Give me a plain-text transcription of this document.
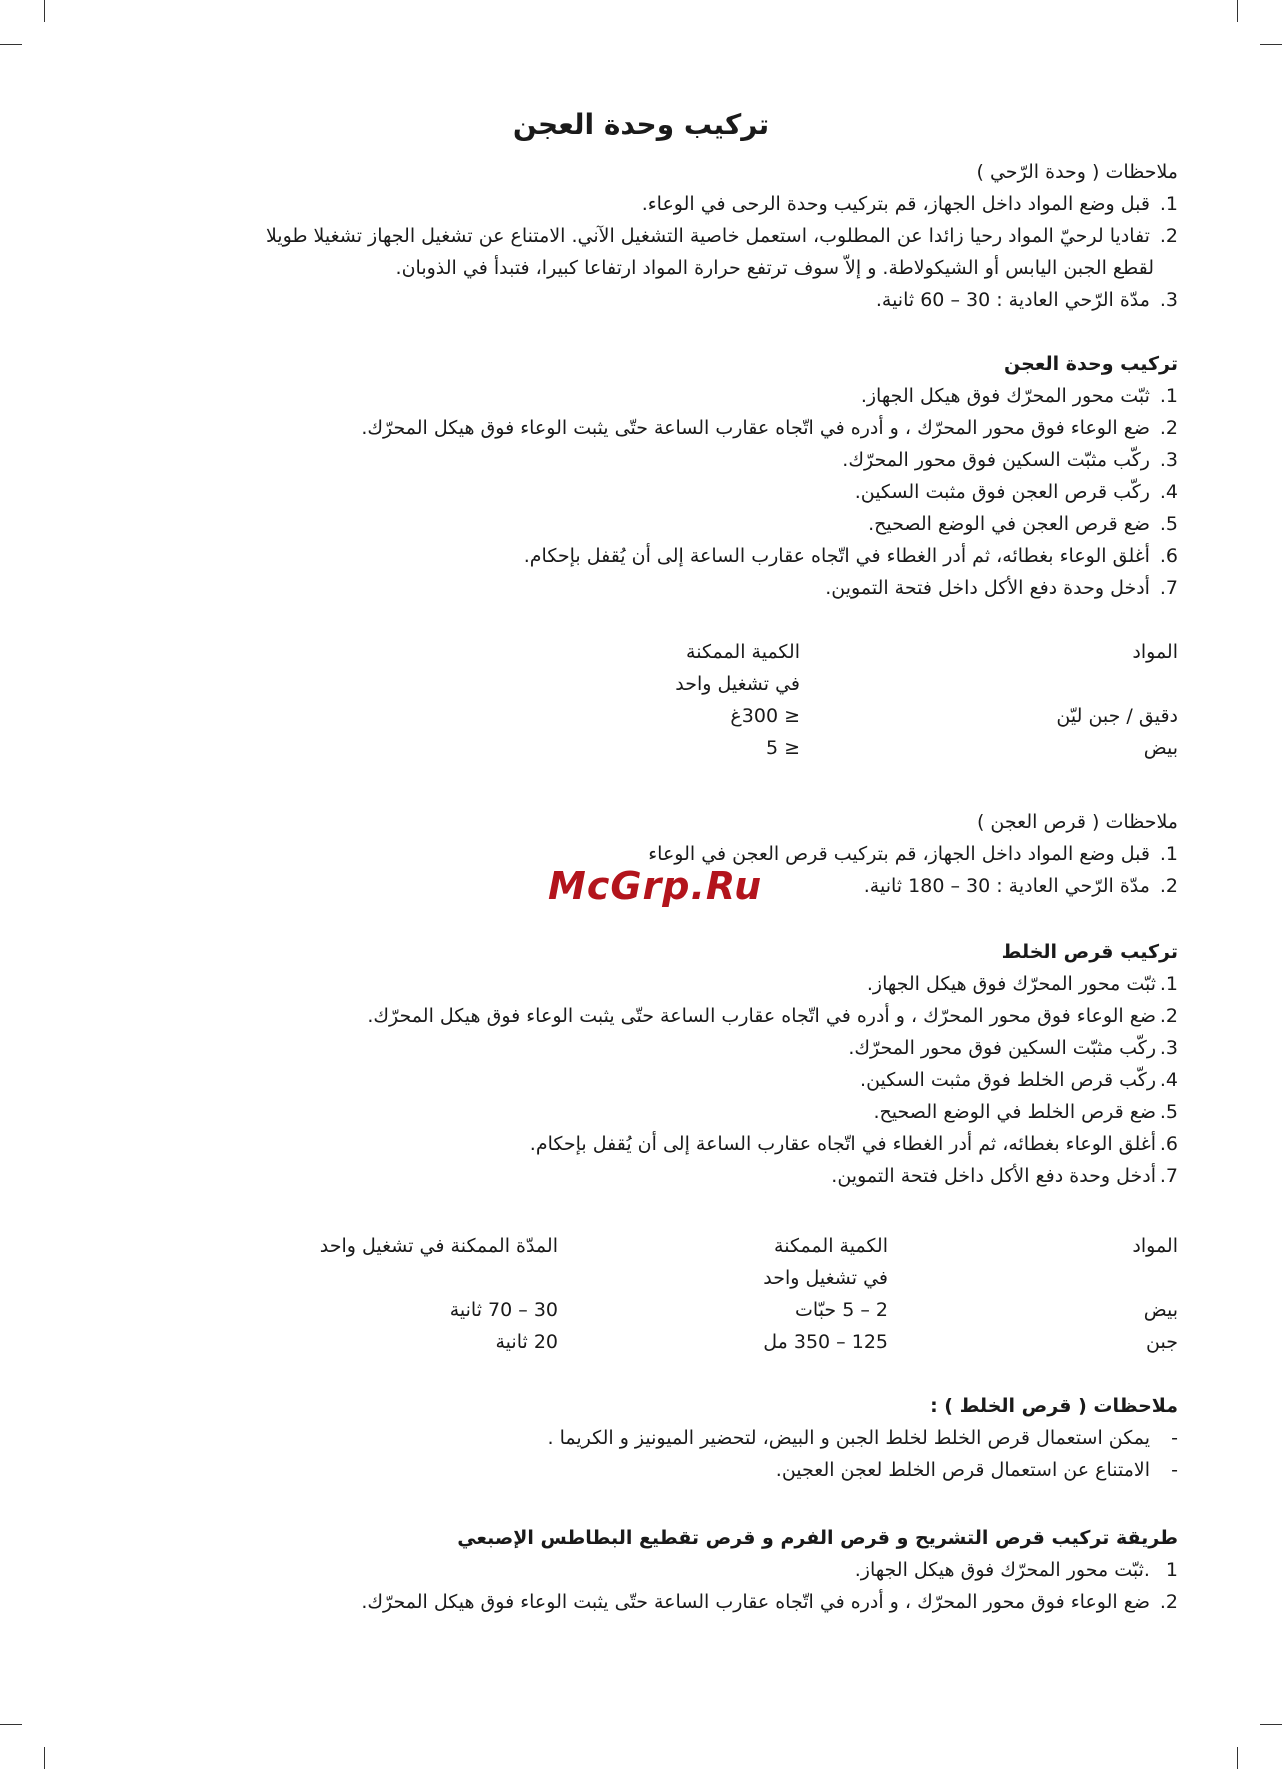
تركيب وحدة العجن
ملاحظات ( وحدة الرّحي )
1. قبل وضع المواد داخل الجهاز، قم بتركيب وحدة الرحى في الوعاء.
2. تفاديا لرحيّ المواد رحيا زائدا عن المطلوب، استعمل خاصية التشغيل الآني. الامتناع عن تشغيل الجهاز تشغيلا طويلا
لقطع الجبن اليابس أو الشيكولاطة. و إلاّ سوف ترتفع حرارة المواد ارتفاعا كبيرا، فتبدأ في الذوبان.
3. مدّة الرّحي العادية : 30 – 60 ثانية.
تركيب وحدة العجن
1. ثبّت محور المحرّك فوق هيكل الجهاز.
2. ضع الوعاء فوق محور المحرّك ، و أدره في اتّجاه عقارب الساعة حتّى يثبت الوعاء فوق هيكل المحرّك.
3. ركّب مثبّت السكين فوق محور المحرّك.
4. ركّب قرص العجن فوق مثبت السكين.
5. ضع قرص العجن في الوضع الصحيح.
6. أغلق الوعاء بغطائه، ثم أدر الغطاء في اتّجاه عقارب الساعة إلى أن يُقفل بإحكام.
7. أدخل وحدة دفع الأكل داخل فتحة التموين.
المواد
الكمية الممكنة
في تشغيل واحد
دقيق / جبن ليّن
≤ 300غ
بيض
≤ 5
ملاحظات ( قرص العجن )
1. قبل وضع المواد داخل الجهاز، قم بتركيب قرص العجن في الوعاء
2. مدّة الرّحي العادية : 30 – 180 ثانية.
McGrp.Ru
تركيب قرص الخلط
1.ثبّت محور المحرّك فوق هيكل الجهاز.
2.ضع الوعاء فوق محور المحرّك ، و أدره في اتّجاه عقارب الساعة حتّى يثبت الوعاء فوق هيكل المحرّك.
3.ركّب مثبّت السكين فوق محور المحرّك.
4.ركّب قرص الخلط فوق مثبت السكين.
5.ضع قرص الخلط في الوضع الصحيح.
6.أغلق الوعاء بغطائه، ثم أدر الغطاء في اتّجاه عقارب الساعة إلى أن يُقفل بإحكام.
7.أدخل وحدة دفع الأكل داخل فتحة التموين.
المواد
الكمية الممكنة
المدّة الممكنة في تشغيل واحد
في تشغيل واحد
بيض
2 – 5 حبّات
30 – 70 ثانية
جبن
125 – 350 مل
20 ثانية
ملاحظات ( قرص الخلط ) :
-يمكن استعمال قرص الخلط لخلط الجبن و البيض، لتحضير الميونيز و الكريما .
-الامتناع عن استعمال قرص الخلط لعجن العجين.
طريقة تركيب قرص التشريح و قرص الفرم و قرص تقطيع البطاطس الإصبعي
1 .ثبّت محور المحرّك فوق هيكل الجهاز.
2. ضع الوعاء فوق محور المحرّك ، و أدره في اتّجاه عقارب الساعة حتّى يثبت الوعاء فوق هيكل المحرّك.
